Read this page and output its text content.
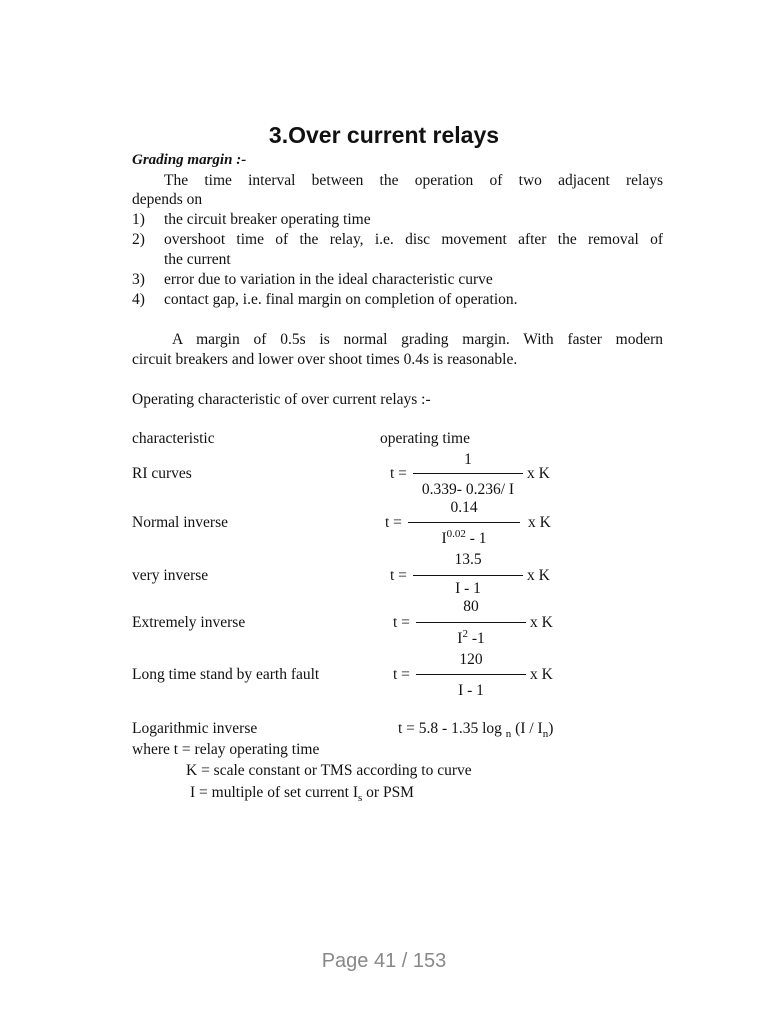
3.Over current relays
Grading margin :-
The time interval between the operation of two adjacent relays
depends on
1) the circuit breaker operating time
2) overshoot time of the relay, i.e. disc movement after the removal of
the current
3) error due to variation in the ideal characteristic curve
4) contact gap, i.e. final margin on completion of operation.
A margin of 0.5s is normal grading margin. With faster modern
circuit breakers and lower over shoot times 0.4s is reasonable.
Operating characteristic of over current relays :-
characteristic	operating time
RI curves	t =
1
0.339- 0.236/ I
x K
Normal inverse	t =
0.14
$I^{0.02} - 1$
x K
very inverse	t =
13.5
I - 1
x K
Extremely inverse	t =
80
$I^2$ -1
x K
Long time stand by earth fault	t =
120
I - 1
x K
Logarithmic inverse	t = 5.8 - 1.35 log $_n$ $(I / I_n)$
where t = relay operating time
K = scale constant or TMS according to curve
I = multiple of set current $I_s$ or PSM
Page 41 / 153
